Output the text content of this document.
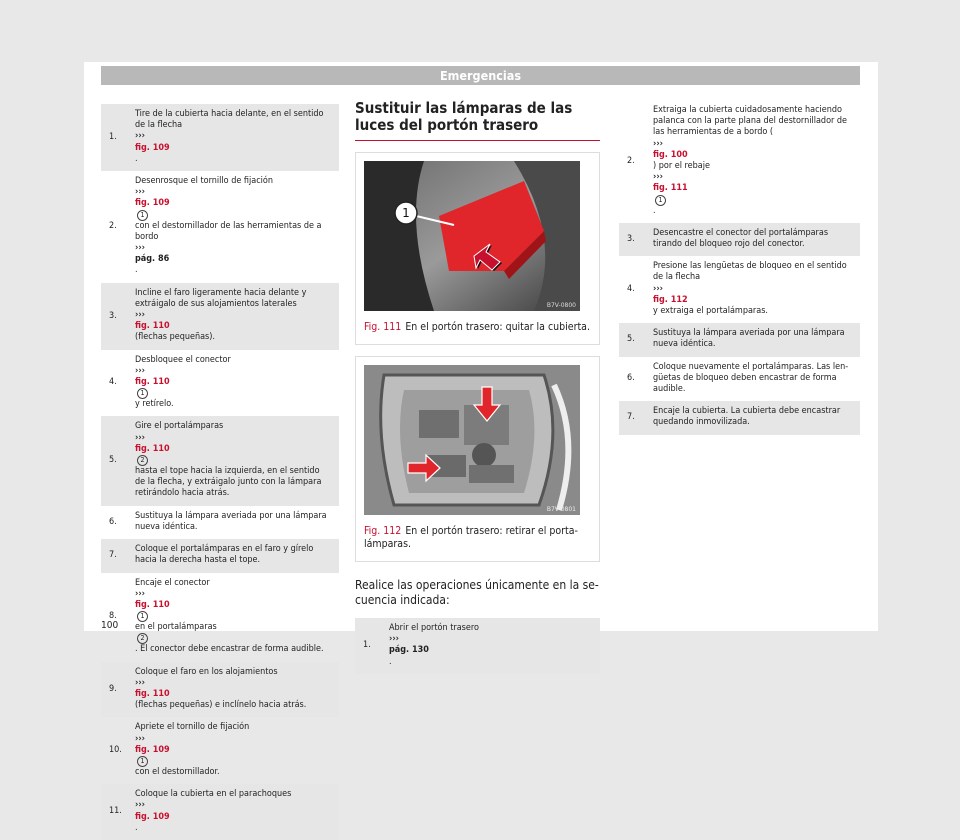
Emergencias
1.
Tire de la cubierta hacia delante, en el sentido de la flecha
›››
fig. 109
.
2.
Desenrosque el tornillo de fijación
›››
fig. 109
1
con el destornillador de las herramientas de a bordo
›››
pág. 86
.
3.
Incline el faro ligeramente hacia delante y extráigalo de sus alojamientos laterales
›››
fig. 110
(flechas pequeñas).
4.
Desbloquee el conector
›››
fig. 110
1
y retírelo.
5.
Gire el portalámparas
›››
fig. 110
2
hasta el tope hacia la izquierda, en el sentido de la flecha, y extráigalo junto con la lámpara retirándolo hacia atrás.
6.
Sustituya la lámpara averiada por una lámpara nueva idéntica.
7.
Coloque el portalámparas en el faro y gírelo hacia la derecha hasta el tope.
8.
Encaje el conector
›››
fig. 110
1
en el portalámparas
2
. El conector debe encastrar de forma audible.
9.
Coloque el faro en los alojamientos
›››
fig. 110
(flechas pequeñas) e inclínelo hacia atrás.
10.
Apriete el tornillo de fijación
›››
fig. 109
1
con el destornillador.
11.
Coloque la cubierta en el parachoques
›››
fig. 109
.
Sustituir las lámparas de las luces del portón trasero
1
B7V-0800
Fig. 111 En el portón trasero: quitar la cubierta.
B7V-0801
Fig. 112 En el portón trasero: retirar el portalámparas.
Realice las operaciones únicamente en la secuencia indicada:
1.
Abrir el portón trasero
›››
pág. 130
.
2.
Extraiga la cubierta cuidadosamente haciendo palanca con la parte plana del destornillador de las herramientas de a bordo (
›››
fig. 100
) por el rebaje
›››
fig. 111
1
.
3.
Desencastre el conector del portalámparas tirando del bloqueo rojo del conector.
4.
Presione las lengüetas de bloqueo en el sentido de la flecha
›››
fig. 112
y extraiga el portalámparas.
5.
Sustituya la lámpara averiada por una lámpara nueva idéntica.
6.
Coloque nuevamente el portalámparas. Las lengüetas de bloqueo deben encastrar de forma audible.
7.
Encaje la cubierta. La cubierta debe encastrar quedando inmovilizada.
100
